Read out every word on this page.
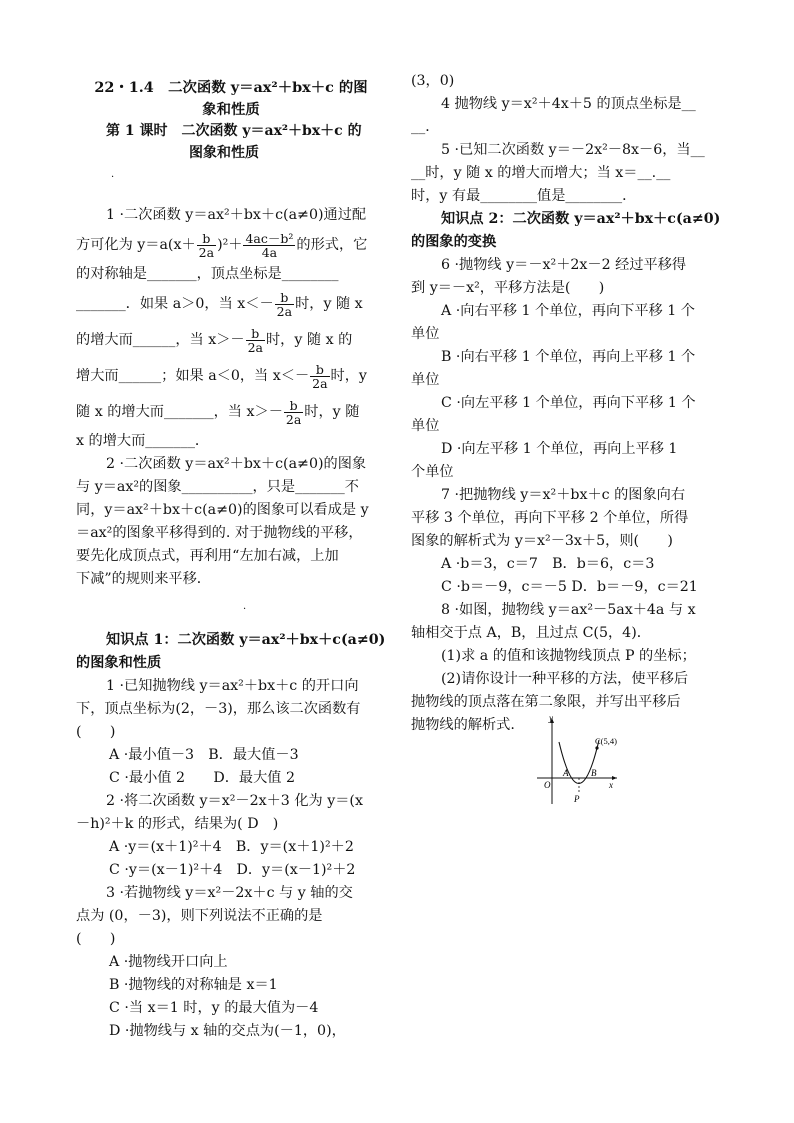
·
·
22・1.4　二次函数 y＝ax²＋bx＋c 的图
象和性质
第 1 课时　二次函数 y＝ax²＋bx＋c 的
图象和性质
1 ·二次函数 y＝ax²＋bx＋c(a≠0)通过配
方可化为 $y=a(x+ \frac{b}{2a} )^2+ \frac{\text{4ac－b²}}{4a}$ 的形式，它
的对称轴是_______，顶点坐标是________
_______．如果 a＞0，当 $x<- \frac{b}{2a}$ 时，y 随 x
的增大而______，当 $x>- \frac{b}{2a}$ 时，y 随 x 的
增大而______；如果 a＜0，当 $x<- \frac{b}{2a}$ 时，y
随 x 的增大而_______，当 $x>- \frac{b}{2a}$ 时，y 随
x 的增大而_______．
2 ·二次函数 y＝ax²＋bx＋c(a≠0)的图象
与 y＝ax²的图象__________，只是_______不
同，y＝ax²＋bx＋c(a≠0)的图象可以看成是 y
＝ax²的图象平移得到的. 对于抛物线的平移，
要先化成顶点式，再利用“左加右减，上加
下减”的规则来平移．
知识点 1：二次函数 y＝ax²＋bx＋c(a≠0)
的图象和性质
1 ·已知抛物线 y＝ax²＋bx＋c 的开口向
下，顶点坐标为(2，－3)，那么该二次函数有
(　　)
A ·最小值－3　B．最大值－3
C ·最小值 2　　D．最大值 2
2 ·将二次函数 y＝x²－2x＋3 化为 y＝(x
－h)²＋k 的形式，结果为( D　)
A ·y＝(x＋1)²＋4　B．y＝(x＋1)²＋2
C ·y＝(x－1)²＋4　D．y＝(x－1)²＋2
3 ·若抛物线 y＝x²－2x＋c 与 y 轴的交
点为 (0，－3)，则下列说法不正确的是
(　　)
A ·抛物线开口向上
B ·抛物线的对称轴是 x＝1
C ·当 x＝1 时，y 的最大值为－4
D ·抛物线与 x 轴的交点为(－1，0)，
(3，0)
4 抛物线 y＝x²＋4x＋5 的顶点坐标是__
__．
5 ·已知二次函数 y＝－2x²－8x－6，当__
__时，y 随 x 的增大而增大；当 x＝__.__
时，y 有最________值是________．
知识点 2：二次函数 y＝ax²＋bx＋c(a≠0)
的图象的变换
6 ·抛物线 y＝－x²＋2x－2 经过平移得
到 y＝－x²，平移方法是(　　)
A ·向右平移 1 个单位，再向下平移 1 个
单位
B ·向右平移 1 个单位，再向上平移 1 个
单位
C ·向左平移 1 个单位，再向下平移 1 个
单位
D ·向左平移 1 个单位，再向上平移 1
个单位
7 ·把抛物线 y＝x²＋bx＋c 的图象向右
平移 3 个单位，再向下平移 2 个单位，所得
图象的解析式为 y＝x²－3x＋5，则(　　)
A ·b＝3，c＝7　B．b＝6，c＝3
C ·b＝－9，c＝－5 D．b＝－9，c＝21
8 ·如图，抛物线 y＝ax²－5ax＋4a 与 x
轴相交于点 A，B，且过点 C(5，4)．
(1)求 a 的值和该抛物线顶点 P 的坐标；
(2)请你设计一种平移的方法，使平移后
抛物线的顶点落在第二象限，并写出平移后
抛物线的解析式.	y
x
O
A	B
P
C(5,4)
